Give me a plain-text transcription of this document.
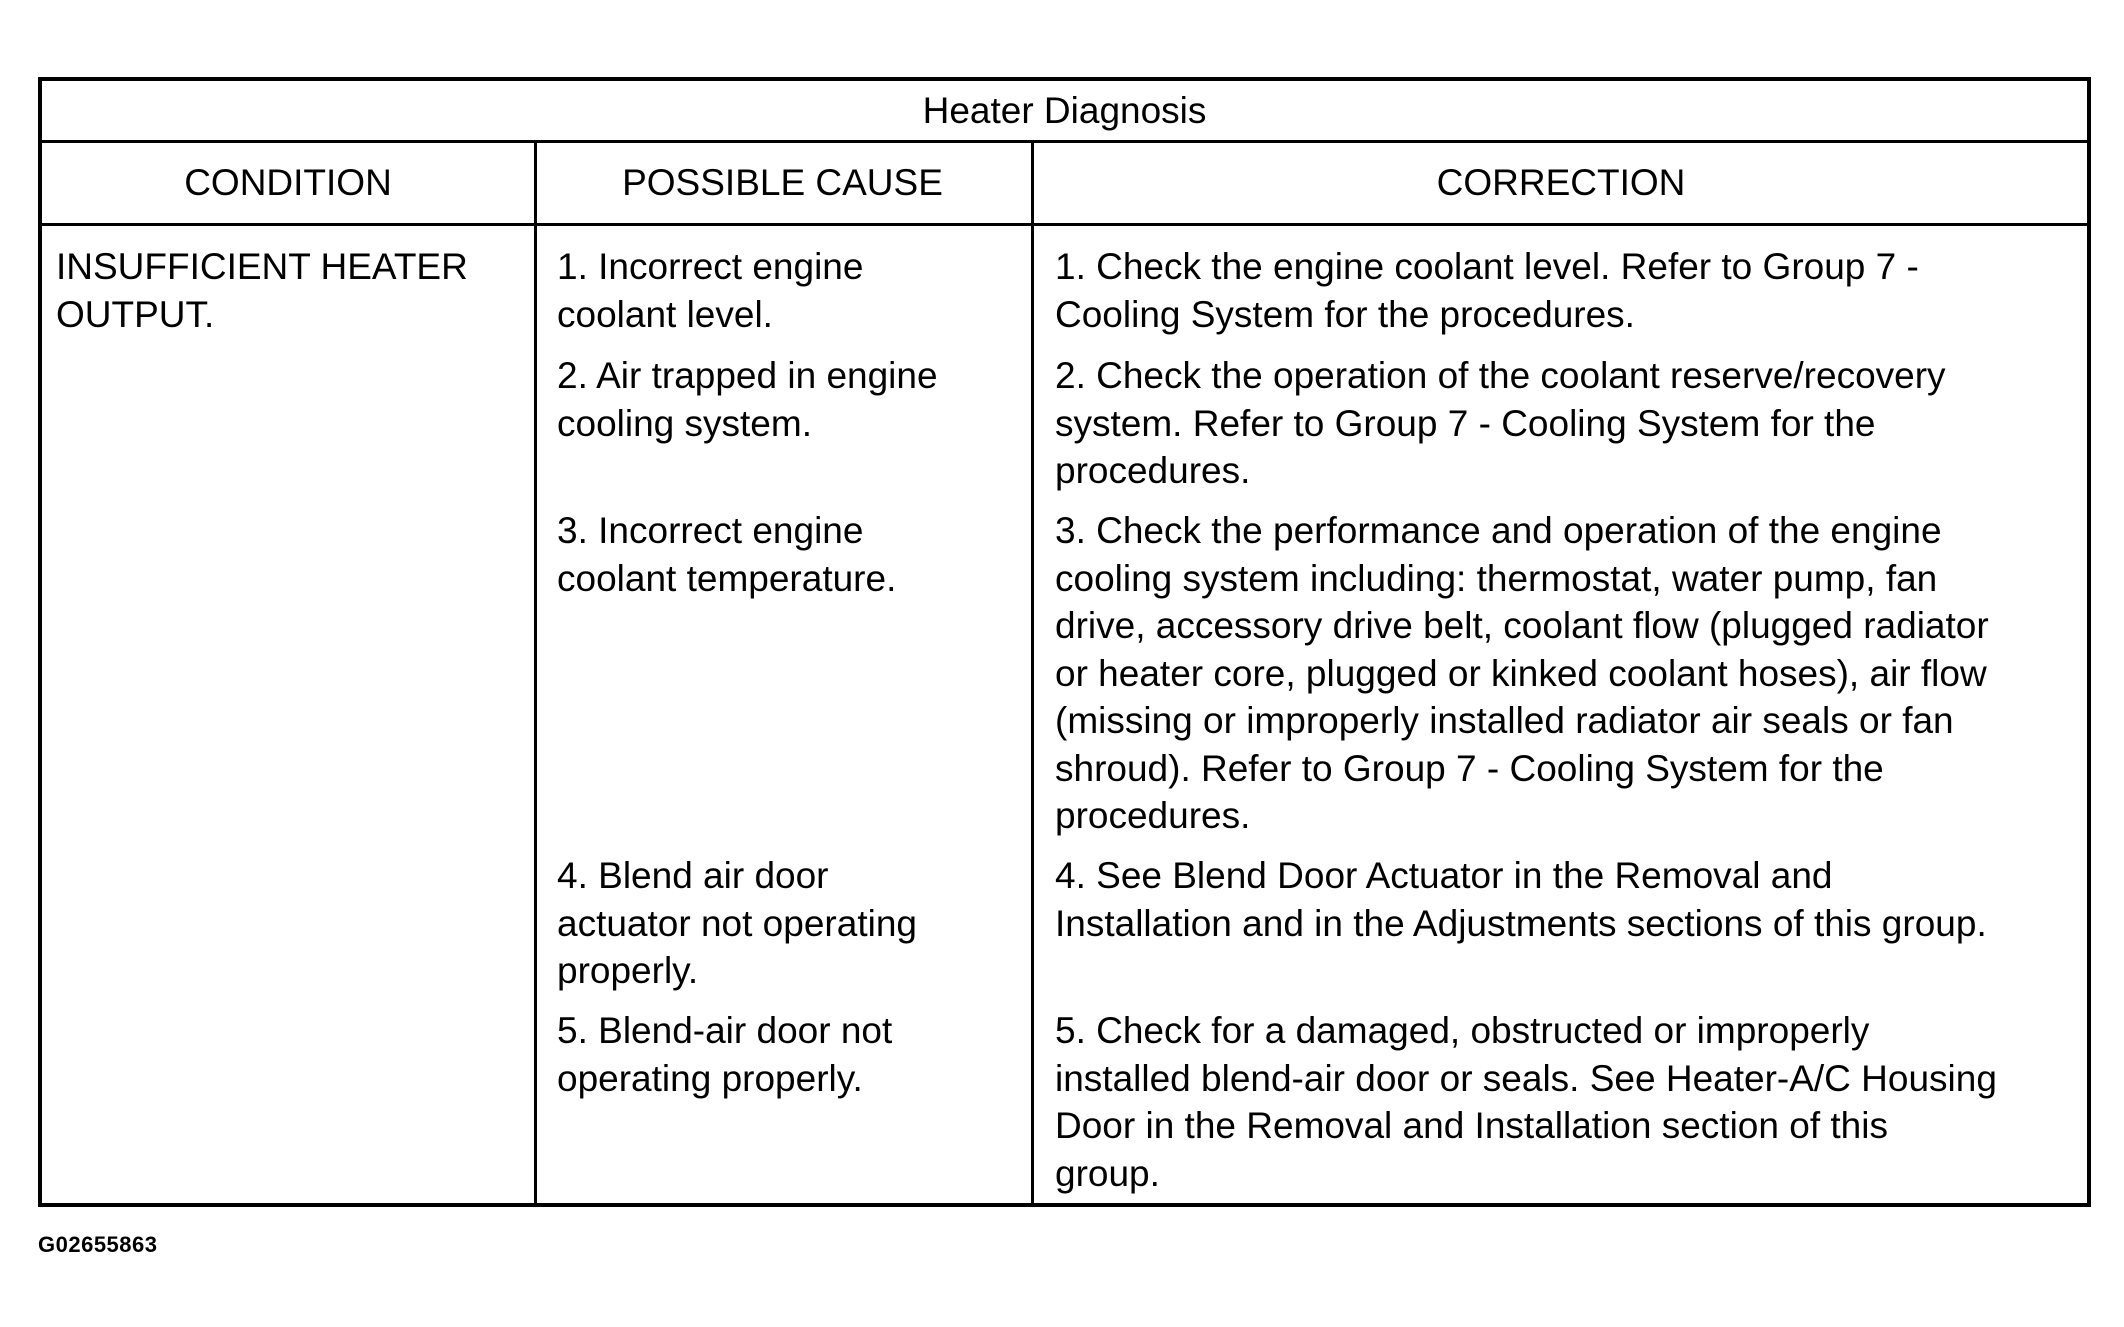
Heater Diagnosis
CONDITION	POSSIBLE CAUSE	CORRECTION
INSUFFICIENT HEATER
OUTPUT.
1. Incorrect engine
coolant level.
1. Check the engine coolant level. Refer to Group 7 -
Cooling System for the procedures.
2. Air trapped in engine
cooling system.
2. Check the operation of the coolant reserve/recovery
system. Refer to Group 7 - Cooling System for the
procedures.
3. Incorrect engine
coolant temperature.
3. Check the performance and operation of the engine
cooling system including: thermostat, water pump, fan
drive, accessory drive belt, coolant flow (plugged radiator
or heater core, plugged or kinked coolant hoses), air flow
(missing or improperly installed radiator air seals or fan
shroud). Refer to Group 7 - Cooling System for the
procedures.
4. Blend air door
actuator not operating
properly.
4. See Blend Door Actuator in the Removal and
Installation and in the Adjustments sections of this group.
5. Blend-air door not
operating properly.
5. Check for a damaged, obstructed or improperly
installed blend-air door or seals. See Heater-A/C Housing
Door in the Removal and Installation section of this
group.
G02655863
